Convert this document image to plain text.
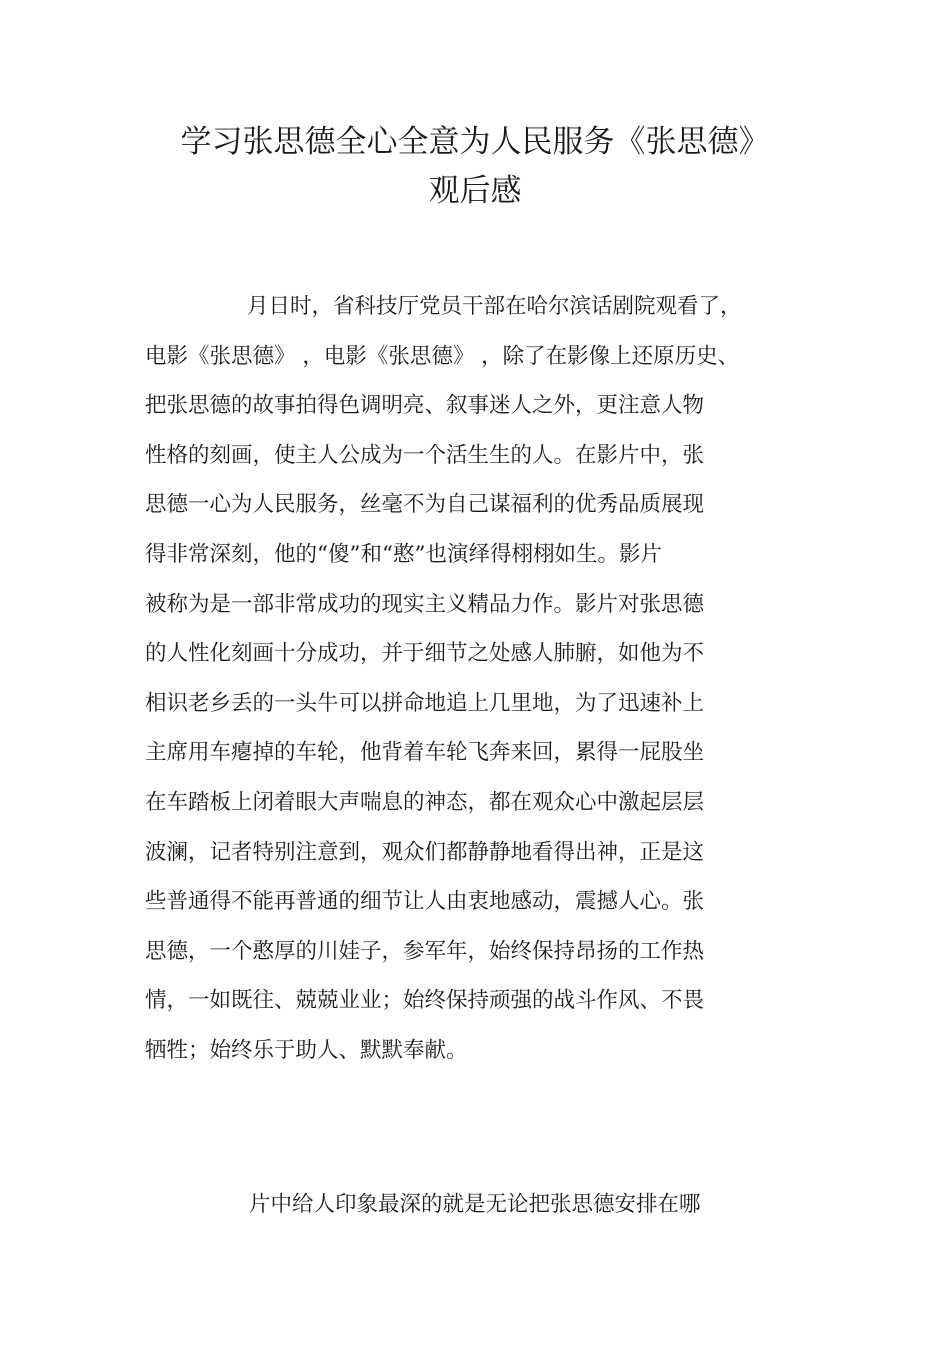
学习张思德全心全意为人民服务《张思德》
观后感
月日时，省科技厅党员干部在哈尔滨话剧院观看了，
电影《张思德》 ，电影《张思德》 ，除了在影像上还原历史、
把张思德的故事拍得色调明亮、叙事迷人之外，更注意人物
性格的刻画，使主人公成为一个活生生的人。在影片中，张
思德一心为人民服务，丝毫不为自己谋福利的优秀品质展现
得非常深刻，他的“傻”和“憨”也演绎得栩栩如生。影片
被称为是一部非常成功的现实主义精品力作。影片对张思德
的人性化刻画十分成功，并于细节之处感人肺腑，如他为不
相识老乡丢的一头牛可以拼命地追上几里地，为了迅速补上
主席用车瘪掉的车轮，他背着车轮飞奔来回，累得一屁股坐
在车踏板上闭着眼大声喘息的神态，都在观众心中激起层层
波澜，记者特别注意到，观众们都静静地看得出神，正是这
些普通得不能再普通的细节让人由衷地感动，震撼人心。张
思德，一个憨厚的川娃子，参军年，始终保持昂扬的工作热
情，一如既往、兢兢业业；始终保持顽强的战斗作风、不畏
牺牲；始终乐于助人、默默奉献。

片中给人印象最深的就是无论把张思德安排在哪
